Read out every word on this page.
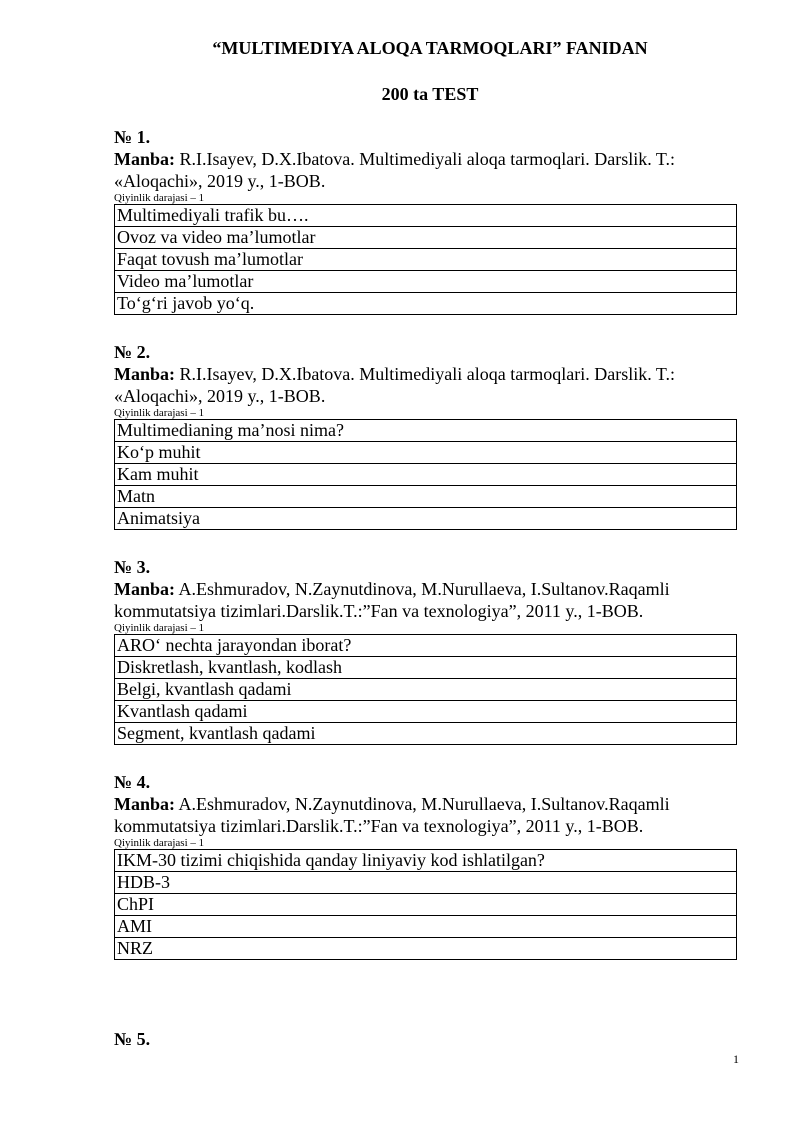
“MULTIMEDIYA ALOQA TARMOQLARI” FANIDAN
200 ta TEST
№ 1.
Manba: R.I.Isayev, D.X.Ibatova. Multimediyali aloqa tarmoqlari. Darslik. T.: «Aloqachi», 2019 y., 1-BOB.
Qiyinlik darajasi – 1
Multimediyali trafik bu….
Ovoz va video ma’lumotlar
Faqat tovush ma’lumotlar
Video ma’lumotlar
To‘g‘ri javob yo‘q.
№ 2.
Manba: R.I.Isayev, D.X.Ibatova. Multimediyali aloqa tarmoqlari. Darslik. T.: «Aloqachi», 2019 y., 1-BOB.
Qiyinlik darajasi – 1
Multimedianing ma’nosi nima?
Ko‘p muhit
Kam muhit
Matn
Animatsiya
№ 3.
Manba: A.Eshmuradov, N.Zaynutdinova, M.Nurullaeva, I.Sultanov.Raqamli kommutatsiya tizimlari.Darslik.T.:”Fan va texnologiya”, 2011 y., 1-BOB.
Qiyinlik darajasi – 1
ARO‘ nechta jarayondan iborat?
Diskretlash, kvantlash, kodlash
Belgi, kvantlash qadami
Kvantlash qadami
Segment, kvantlash qadami
№ 4.
Manba: A.Eshmuradov, N.Zaynutdinova, M.Nurullaeva, I.Sultanov.Raqamli kommutatsiya tizimlari.Darslik.T.:”Fan va texnologiya”, 2011 y., 1-BOB.
Qiyinlik darajasi – 1
IKM-30 tizimi chiqishida qanday liniyaviy kod ishlatilgan?
HDB-3
ChPI
AMI
NRZ
№ 5.
1
